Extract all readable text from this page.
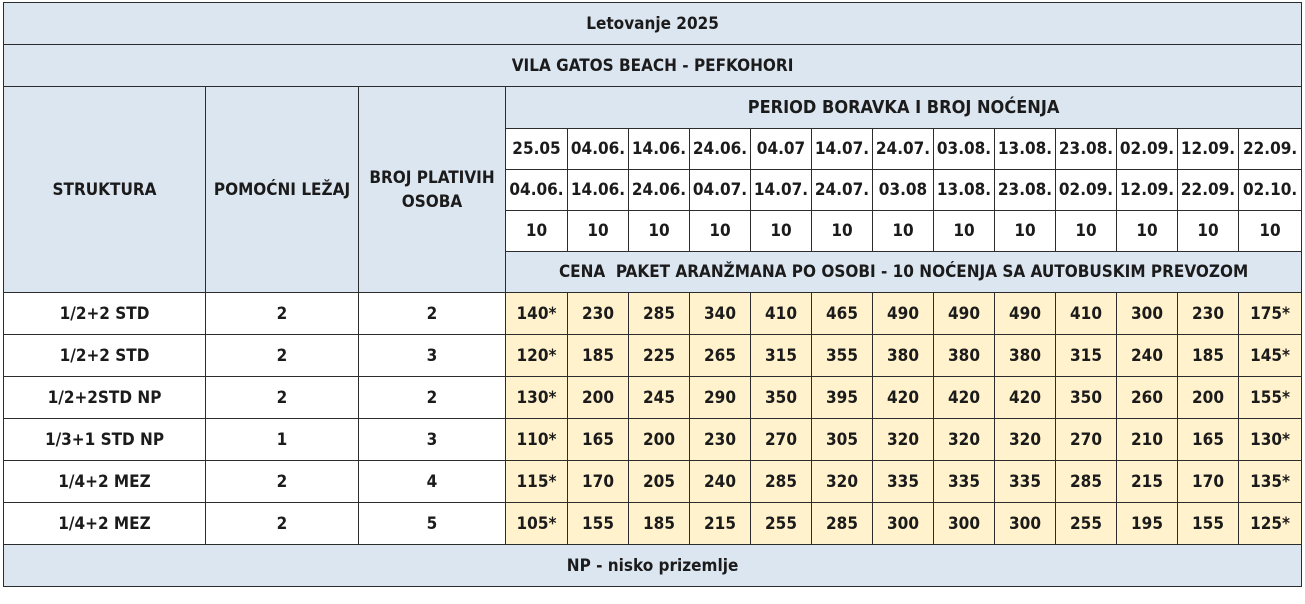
Letovanje 2025															
VILA GATOS BEACH - PEFKOHORI															
STRUKTURA	POMOĆNI LEŽAJ	BROJ PLATIVIH OSOBA	PERIOD BORAVKA I BROJ NOĆENJA												
			25.05	04.06.	14.06.	24.06.	04.07	14.07.	24.07.	03.08.	13.08.	23.08.	02.09.	12.09.	22.09.
			04.06.	14.06.	24.06.	04.07.	14.07.	24.07.	03.08	13.08.	23.08.	02.09.	12.09.	22.09.	02.10.
			10	10	10	10	10	10	10	10	10	10	10	10	10
			CENA  PAKET ARANŽMANA PO OSOBI - 10 NOĆENJA SA AUTOBUSKIM PREVOZOM												
1/2+2 STD	2	2	140*	230	285	340	410	465	490	490	490	410	300	230	175*
1/2+2 STD	2	3	120*	185	225	265	315	355	380	380	380	315	240	185	145*
1/2+2STD NP	2	2	130*	200	245	290	350	395	420	420	420	350	260	200	155*
1/3+1 STD NP	1	3	110*	165	200	230	270	305	320	320	320	270	210	165	130*
1/4+2 MEZ	2	4	115*	170	205	240	285	320	335	335	335	285	215	170	135*
1/4+2 MEZ	2	5	105*	155	185	215	255	285	300	300	300	255	195	155	125*
NP - nisko prizemlje															
